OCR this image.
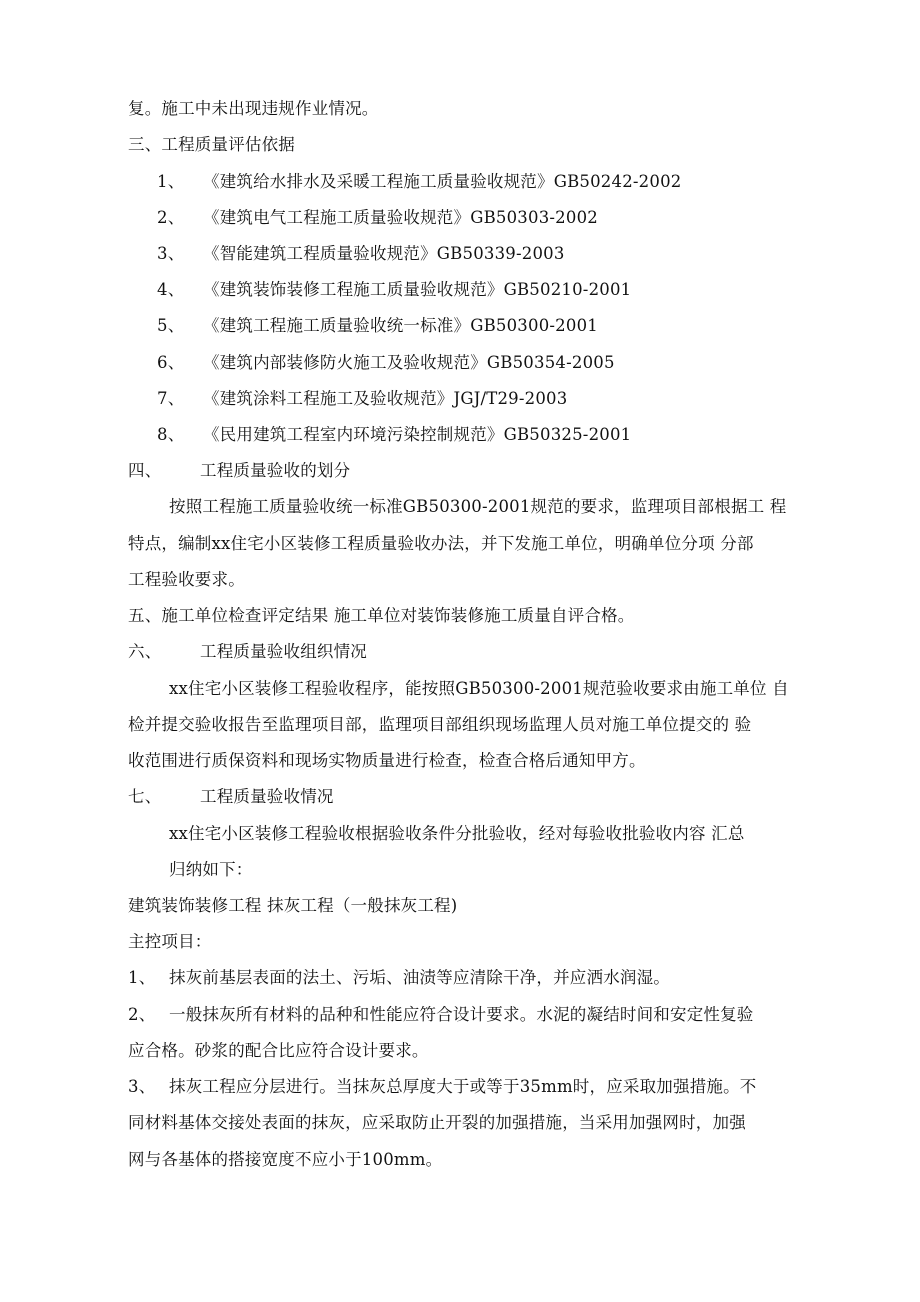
复。施工中未出现违规作业情况。
三、工程质量评估依据
1、 《建筑给水排水及采暖工程施工质量验收规范》GB50242-2002
2、 《建筑电气工程施工质量验收规范》GB50303-2002
3、 《智能建筑工程质量验收规范》GB50339-2003
4、 《建筑装饰装修工程施工质量验收规范》GB50210-2001
5、 《建筑工程施工质量验收统一标准》GB50300-2001
6、 《建筑内部装修防火施工及验收规范》GB50354-2005
7、 《建筑涂料工程施工及验收规范》JGJ/T29-2003
8、 《民用建筑工程室内环境污染控制规范》GB50325-2001
四、 工程质量验收的划分
按照工程施工质量验收统一标准GB50300-2001规范的要求，监理项目部根据工 程
特点，编制xx住宅小区装修工程质量验收办法，并下发施工单位，明确单位分项 分部
工程验收要求。
五、施工单位检查评定结果 施工单位对装饰装修施工质量自评合格。
六、 工程质量验收组织情况
xx住宅小区装修工程验收程序，能按照GB50300-2001规范验收要求由施工单位 自
检并提交验收报告至监理项目部，监理项目部组织现场监理人员对施工单位提交的 验
收范围进行质保资料和现场实物质量进行检查，检查合格后通知甲方。
七、 工程质量验收情况
xx住宅小区装修工程验收根据验收条件分批验收，经对每验收批验收内容 汇总
归纳如下：
建筑装饰装修工程 抹灰工程（一般抹灰工程)
主控项目：
1、 抹灰前基层表面的法土、污垢、油渍等应清除干净，并应洒水润湿。
2、 一般抹灰所有材料的品种和性能应符合设计要求。水泥的凝结时间和安定性复验
应合格。砂浆的配合比应符合设计要求。
3、 抹灰工程应分层进行。当抹灰总厚度大于或等于35mm时，应采取加强措施。不
同材料基体交接处表面的抹灰，应采取防止开裂的加强措施，当采用加强网时，加强
网与各基体的搭接宽度不应小于100mm。
